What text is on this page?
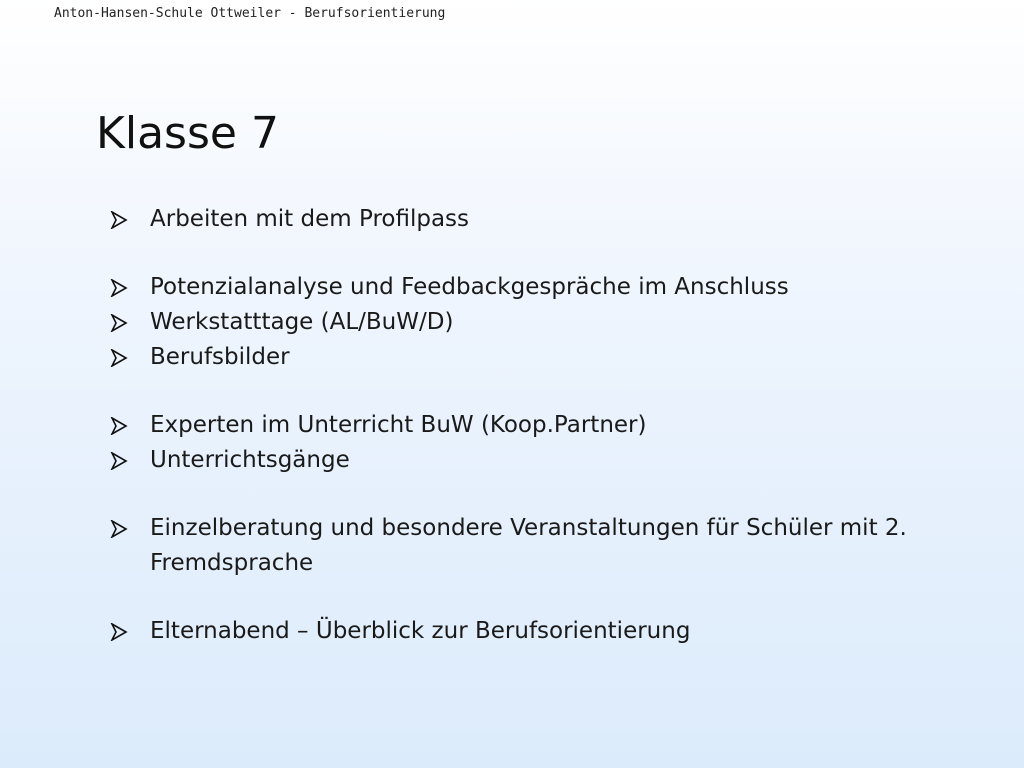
Anton-Hansen-Schule Ottweiler - Berufsorientierung
Klasse 7
Arbeiten mit dem Profilpass
Potenzialanalyse und Feedbackgespräche im Anschluss
Werkstatttage (AL/BuW/D)
Berufsbilder
Experten im Unterricht BuW (Koop.Partner)
Unterrichtsgänge
Einzelberatung und besondere Veranstaltungen für Schüler mit 2. Fremdsprache
Elternabend – Überblick zur Berufsorientierung
